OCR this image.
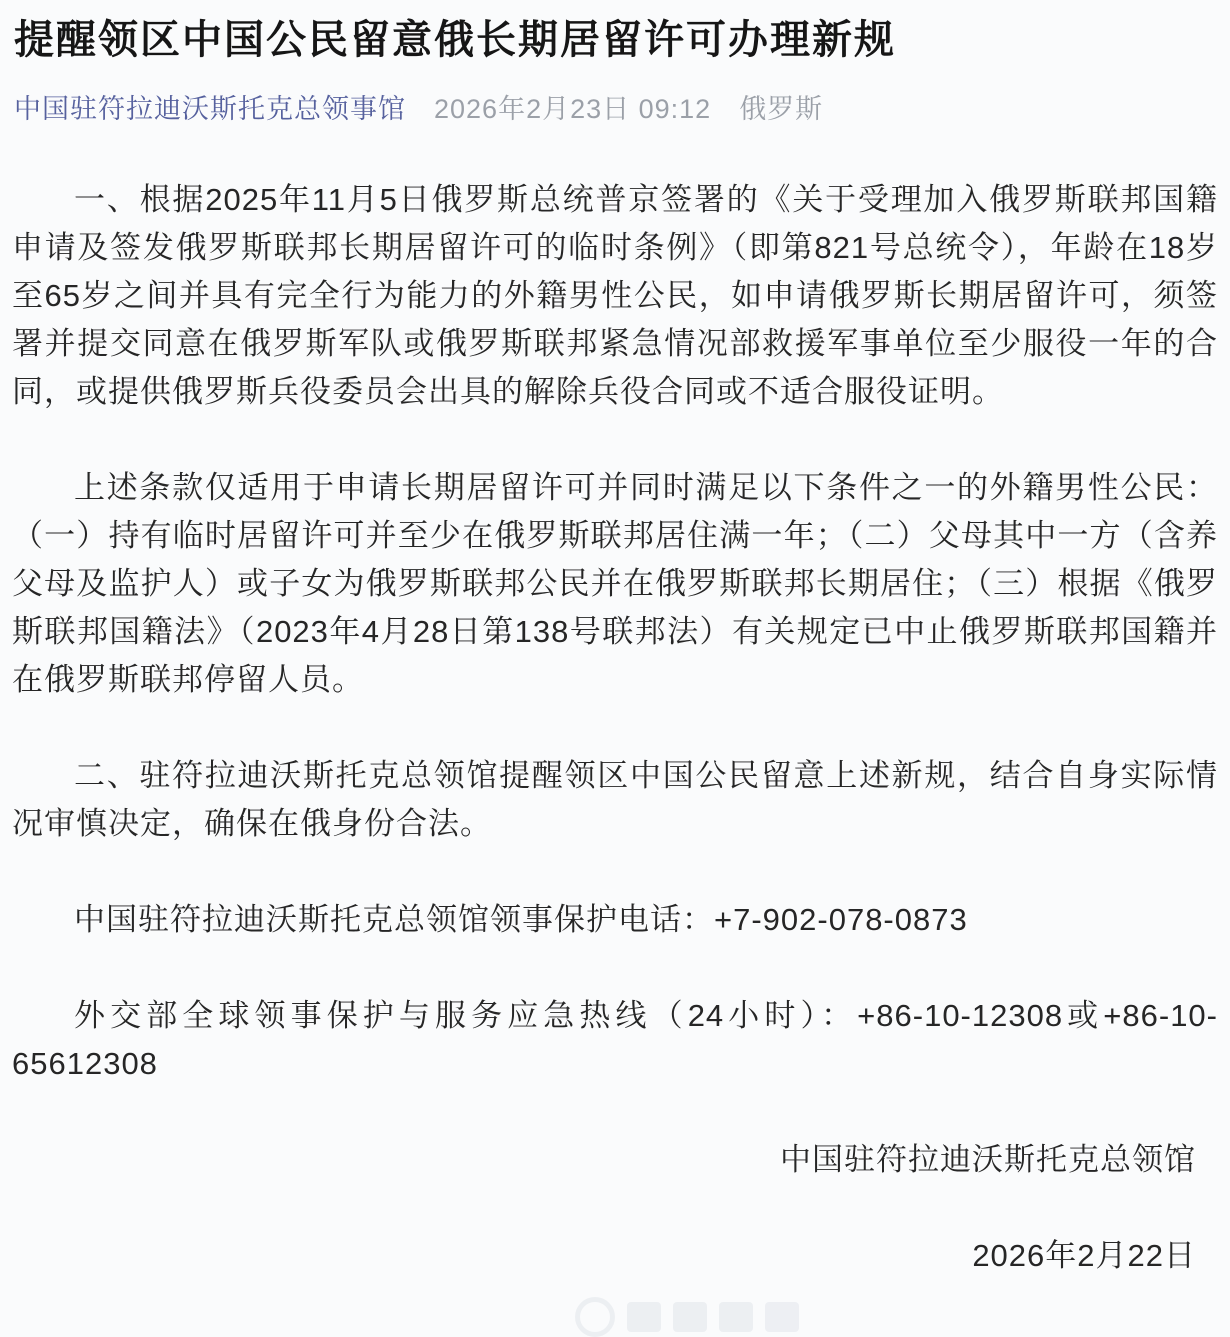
提醒领区中国公民留意俄长期居留许可办理新规
中国驻符拉迪沃斯托克总领事馆 2026年2月23日 09:12 俄罗斯

一、根据2025年11月5日俄罗斯总统普京签署的《关于受理加入俄罗斯联邦国籍申请及签发俄罗斯联邦长期居留许可的临时条例》（即第821号总统令），年龄在18岁至65岁之间并具有完全行为能力的外籍男性公民，如申请俄罗斯长期居留许可，须签署并提交同意在俄罗斯军队或俄罗斯联邦紧急情况部救援军事单位至少服役一年的合同，或提供俄罗斯兵役委员会出具的解除兵役合同或不适合服役证明。

上述条款仅适用于申请长期居留许可并同时满足以下条件之一的外籍男性公民：（一）持有临时居留许可并至少在俄罗斯联邦居住满一年；（二）父母其中一方（含养父母及监护人）或子女为俄罗斯联邦公民并在俄罗斯联邦长期居住；（三）根据《俄罗斯联邦国籍法》（2023年4月28日第138号联邦法）有关规定已中止俄罗斯联邦国籍并在俄罗斯联邦停留人员。

二、驻符拉迪沃斯托克总领馆提醒领区中国公民留意上述新规，结合自身实际情况审慎决定，确保在俄身份合法。

中国驻符拉迪沃斯托克总领馆领事保护电话：+7-902-078-0873

外交部全球领事保护与服务应急热线（24小时）：+86-10-12308或+86-10-65612308

中国驻符拉迪沃斯托克总领馆

2026年2月22日
